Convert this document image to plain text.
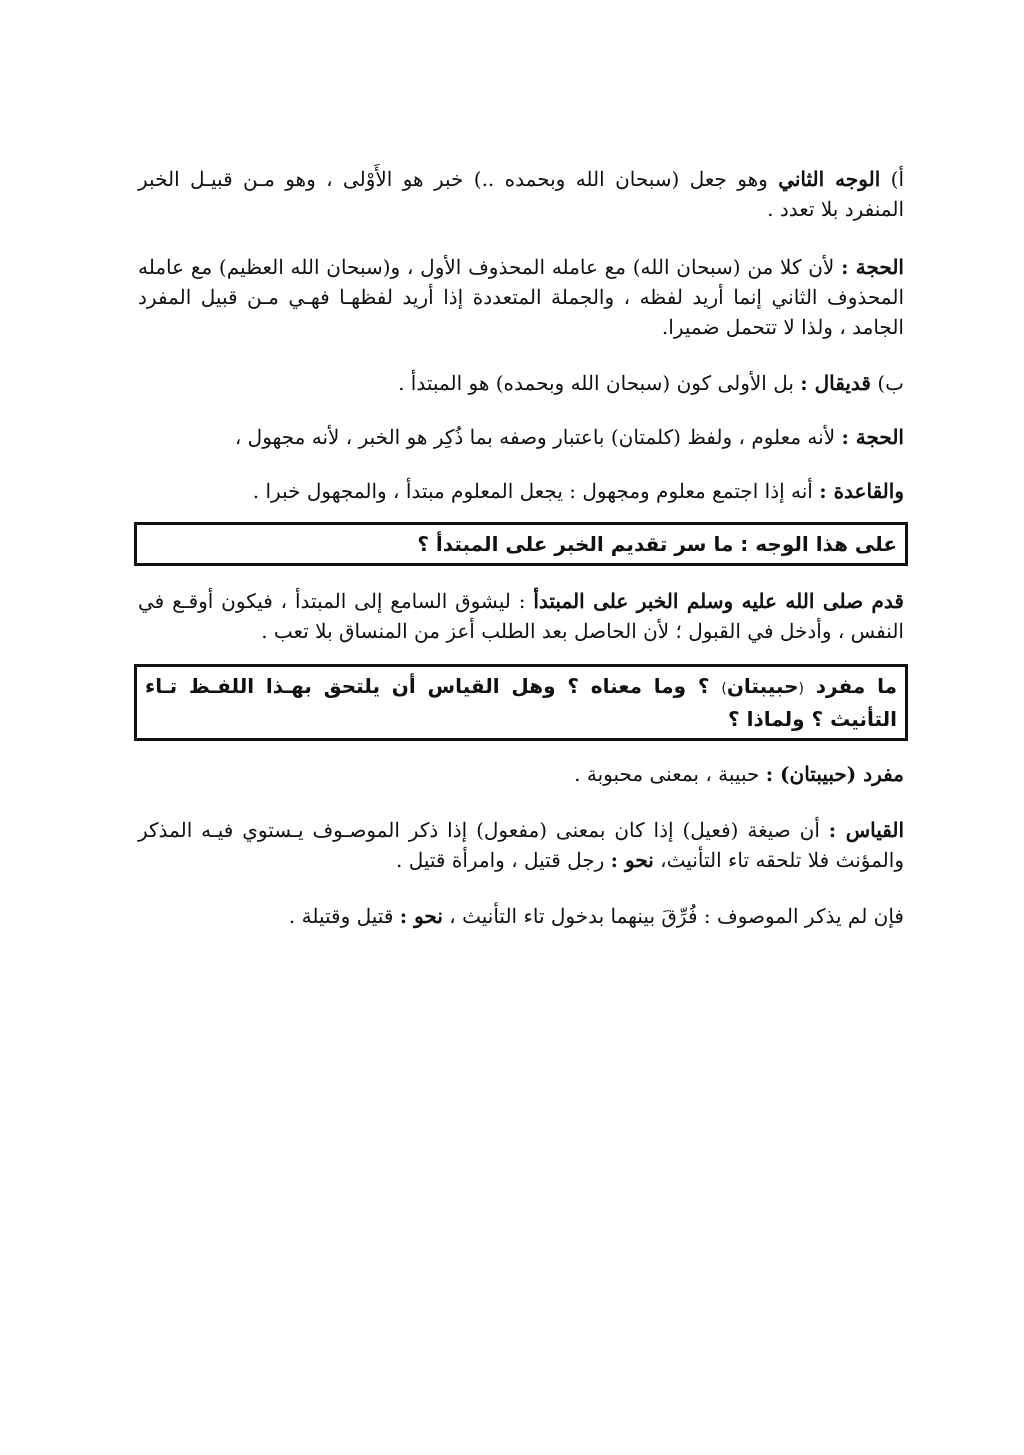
أ) الوجه الثاني وهو جعل (سبحان الله وبحمده ..) خبر هو الأَوْلى ، وهو مـن قبيـل الخبر المنفرد بلا تعدد .

الحجة : لأن كلا من (سبحان الله) مع عامله المحذوف الأول ، و(سبحان الله العظيم) مع عامله المحذوف الثاني إنما أريد لفظه ، والجملة المتعددة إذا أريد لفظهـا فهـي مـن قبيل المفرد الجامد ، ولذا لا تتحمل ضميرا.

ب) قديقال : بل الأولى كون (سبحان الله وبحمده) هو المبتدأ .

الحجة : لأنه معلوم ، ولفظ (كلمتان) باعتبار وصفه بما ذُكِر هو الخبر ، لأنه مجهول ،

والقاعدة : أنه إذا اجتمع معلوم ومجهول : يجعل المعلوم مبتدأ ، والمجهول خبرا .

على هذا الوجه : ما سر تقديم الخبر على المبتدأ ؟

قدم صلى الله عليه وسلم الخبر على المبتدأ : ليشوق السامع إلى المبتدأ ، فيكون أوقـع في النفس ، وأدخل في القبول ؛ لأن الحاصل بعد الطلب أعز من المنساق بلا تعب .

ما مفرد (حبيبتان) ؟ وما معناه ؟ وهل القياس أن يلتحق بهـذا اللفـظ تـاء التأنيث ؟ ولماذا ؟

مفرد (حبيبتان) : حبيبة ، بمعنى محبوبة .

القياس : أن صيغة (فعيل) إذا كان بمعنى (مفعول) إذا ذكر الموصـوف يـستوي فيـه المذكر والمؤنث فلا تلحقه تاء التأنيث، نحو : رجل قتيل ، وامرأة قتيل .

فإن لم يذكر الموصوف : فُرِّقَ بينهما بدخول تاء التأنيث ، نحو : قتيل وقتيلة .
